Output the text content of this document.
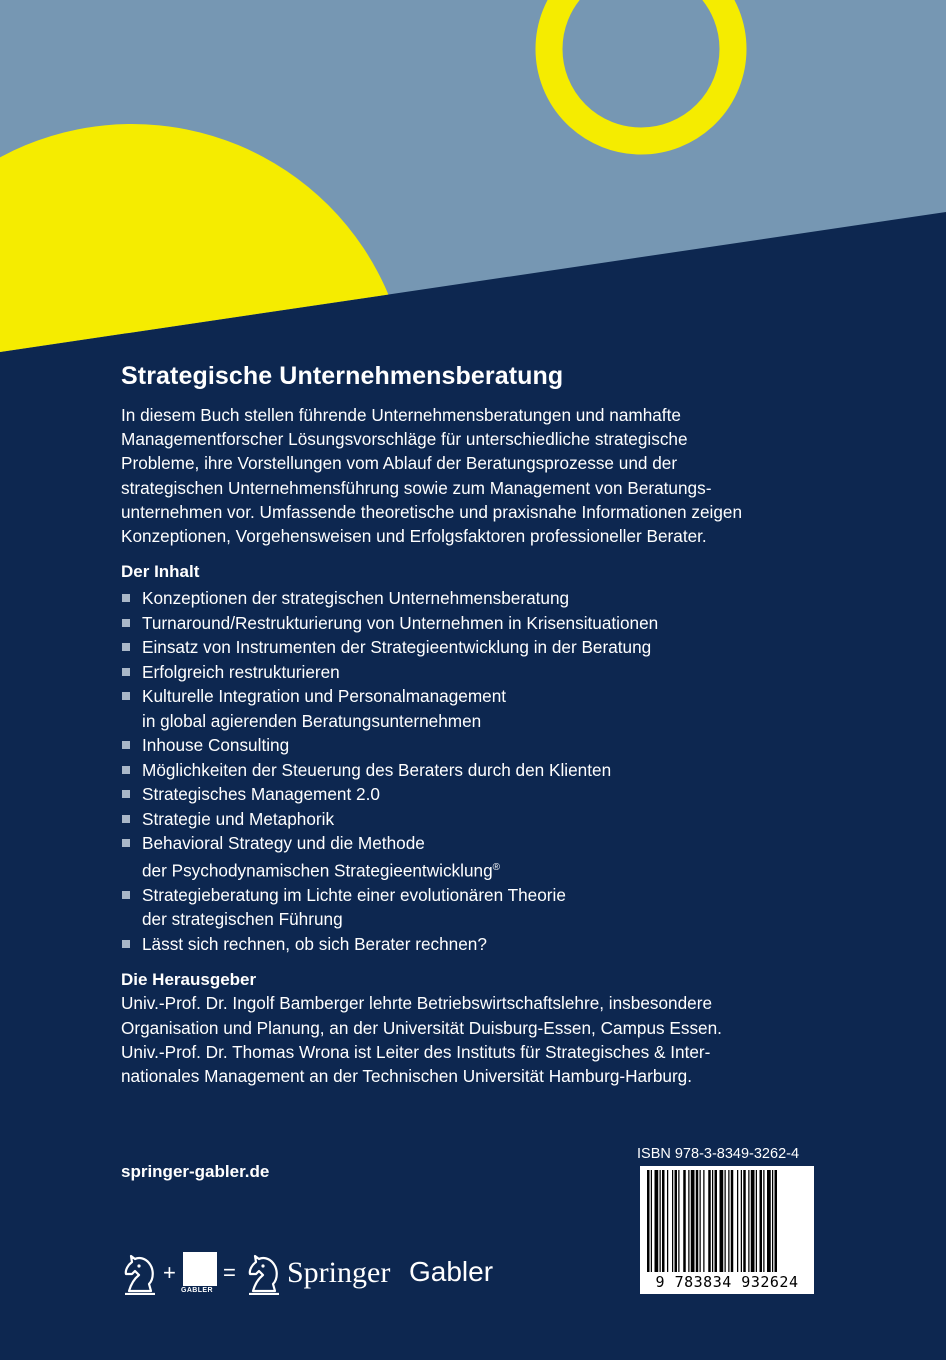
Strategische Unternehmensberatung

In diesem Buch stellen führende Unternehmensberatungen und namhafte

Managementforscher Lösungsvorschläge für unterschiedliche strategische

Probleme, ihre Vorstellungen vom Ablauf der Beratungsprozesse und der

strategischen Unternehmensführung sowie zum Management von Beratungs-

unternehmen vor. Umfassende theoretische und praxisnahe Informationen zeigen

Konzeptionen, Vorgehensweisen und Erfolgsfaktoren professioneller Berater.

Der Inhalt
Konzeptionen der strategischen Unternehmensberatung
Turnaround/Restrukturierung von Unternehmen in Krisensituationen
Einsatz von Instrumenten der Strategieentwicklung in der Beratung
Erfolgreich restrukturieren
Kulturelle Integration und Personalmanagement
in global agierenden Beratungsunternehmen
Inhouse Consulting
Möglichkeiten der Steuerung des Beraters durch den Klienten
Strategisches Management 2.0
Strategie und Metaphorik
Behavioral Strategy und die Methode
der Psychodynamischen Strategieentwicklung®
Strategieberatung im Lichte einer evolutionären Theorie
der strategischen Führung
Lässt sich rechnen, ob sich Berater rechnen?
Die Herausgeber

Univ.-Prof. Dr. Ingolf Bamberger lehrte Betriebswirtschaftslehre, insbesondere

Organisation und Planung, an der Universität Duisburg-Essen, Campus Essen.

Univ.-Prof. Dr. Thomas Wrona ist Leiter des Instituts für Strategisches & Inter-

nationales Management an der Technischen Universität Hamburg-Harburg.

springer-gabler.de
ISBN 978-3-8349-3262-4
9 783834 932624
+
GABLER
= Springer Gabler
